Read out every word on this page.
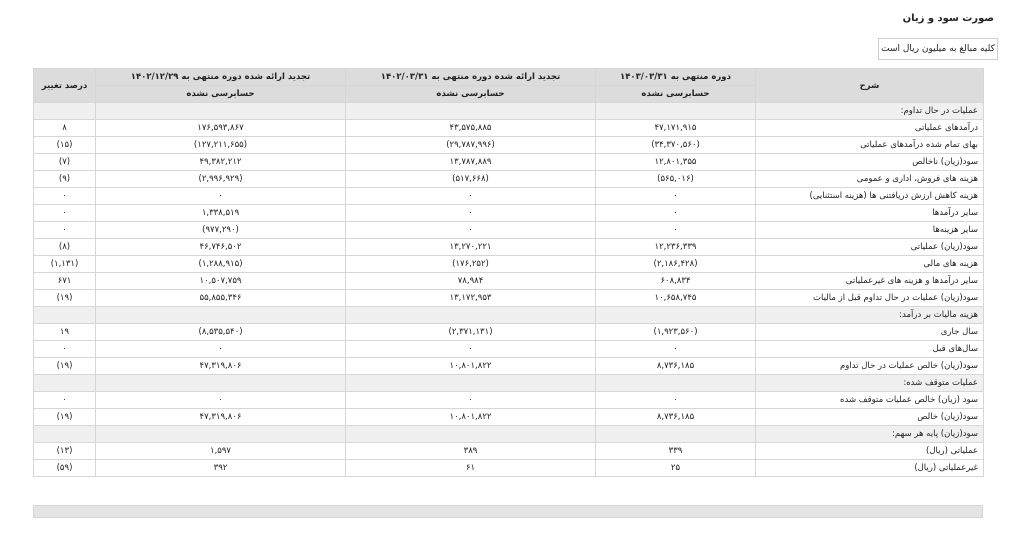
صورت سود و زیان
کلیه مبالغ به میلیون ریال است
شرح	دوره منتهی به ۱۴۰۳/۰۳/۳۱	تجدید ارائه شده دوره منتهی به ۱۴۰۲/۰۳/۳۱	تجدید ارائه شده دوره منتهی به ۱۴۰۲/۱۲/۲۹	درصد تغییر
	حسابرسی نشده	حسابرسی نشده	حسابرسی نشده	
عملیات در حال تداوم:				
درآمدهای عملیاتی	۴۷,۱۷۱,۹۱۵	۴۳,۵۷۵,۸۸۵	۱۷۶,۵۹۳,۸۶۷	۸
بهای تمام شده درآمدهای عملیاتی	(۳۴,۳۷۰,۵۶۰)	(۲۹,۷۸۷,۹۹۶)	(۱۲۷,۲۱۱,۶۵۵)	(۱۵)
سود(زیان) ناخالص	۱۲,۸۰۱,۳۵۵	۱۳,۷۸۷,۸۸۹	۴۹,۳۸۲,۲۱۲	(۷)
هزینه های فروش، اداری و عمومی	(۵۶۵,۰۱۶)	(۵۱۷,۶۶۸)	(۲,۹۹۶,۹۲۹)	(۹)
هزینه کاهش ارزش دریافتنی ها (هزینه استثنایی)	۰	۰	۰	۰
سایر درآمدها	۰	۰	۱,۳۳۸,۵۱۹	۰
سایر هزینه‌ها	۰	۰	(۹۷۷,۲۹۰)	۰
سود(زیان) عملیاتی	۱۲,۲۳۶,۳۳۹	۱۳,۲۷۰,۲۲۱	۴۶,۷۴۶,۵۰۲	(۸)
هزینه های مالی	(۲,۱۸۶,۴۲۸)	(۱۷۶,۲۵۲)	(۱,۲۸۸,۹۱۵)	(۱,۱۳۱)
سایر درآمدها و هزینه های غیرعملیاتی	۶۰۸,۸۳۴	۷۸,۹۸۴	۱۰,۵۰۷,۷۵۹	۶۷۱
سود(زیان) عملیات در حال تداوم قبل از مالیات	۱۰,۶۵۸,۷۴۵	۱۳,۱۷۲,۹۵۳	۵۵,۸۵۵,۳۴۶	(۱۹)
هزینه مالیات بر درآمد:				
سال جاری	(۱,۹۲۳,۵۶۰)	(۲,۳۷۱,۱۳۱)	(۸,۵۳۵,۵۴۰)	۱۹
سال‌های قبل	۰	۰	۰	۰
سود(زیان) خالص عملیات در حال تداوم	۸,۷۳۶,۱۸۵	۱۰,۸۰۱,۸۲۲	۴۷,۳۱۹,۸۰۶	(۱۹)
عملیات متوقف شده:				
سود (زیان) خالص عملیات متوقف شده	۰	۰	۰	۰
سود(زیان) خالص	۸,۷۳۶,۱۸۵	۱۰,۸۰۱,۸۲۲	۴۷,۳۱۹,۸۰۶	(۱۹)
سود(زیان) پایه هر سهم:				
عملیاتی (ریال)	۳۳۹	۳۸۹	۱,۵۹۷	(۱۳)
غیرعملیاتی (ریال)	۲۵	۶۱	۳۹۲	(۵۹)
